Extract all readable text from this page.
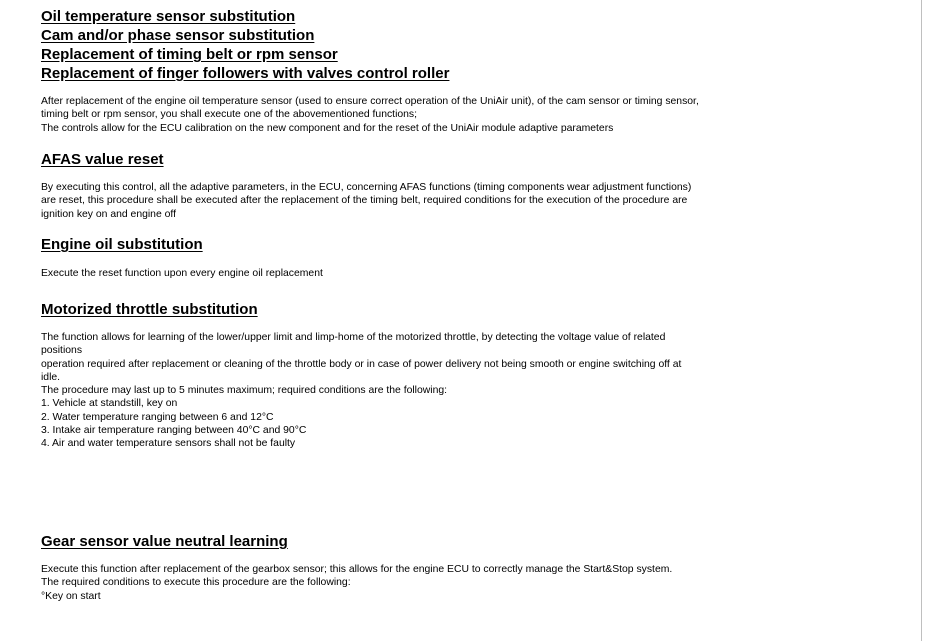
Oil temperature sensor substitution
Cam and/or phase sensor substitution
Replacement of timing belt or rpm sensor
Replacement of finger followers with valves control roller
After replacement of the engine oil temperature sensor (used to ensure correct operation of the UniAir unit), of the cam sensor or timing sensor,
timing belt or rpm sensor, you shall execute one of the abovementioned functions;
The controls allow for the ECU calibration on the new component and for the reset of the UniAir module adaptive parameters
AFAS value reset
By executing this control, all the adaptive parameters, in the ECU, concerning AFAS functions (timing components wear adjustment functions)
are reset, this procedure shall be executed after the replacement of the timing belt, required conditions for the execution of the procedure are
ignition key on and engine off
Engine oil substitution
Execute the reset function upon every engine oil replacement
Motorized throttle substitution
The function allows for learning of the lower/upper limit and limp-home of the motorized throttle, by detecting the voltage value of related
positions
operation required after replacement or cleaning of the throttle body or in case of power delivery not being smooth or engine switching off at
idle.
The procedure may last up to 5 minutes maximum; required conditions are the following:
1. Vehicle at standstill, key on
2. Water temperature ranging between 6 and 12°C
3. Intake air temperature ranging between 40°C and 90°C
4. Air and water temperature sensors shall not be faulty
Gear sensor value neutral learning
Execute this function after replacement of the gearbox sensor; this allows for the engine ECU to correctly manage the Start&Stop system.
The required conditions to execute this procedure are the following:
°Key on start
